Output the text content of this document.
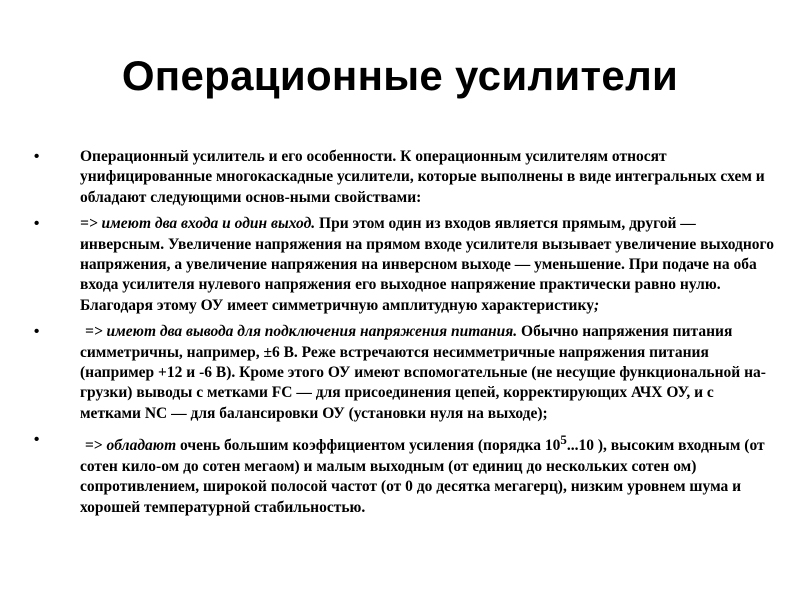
Операционные усилители
•	Операционный усилитель и его особенности. К операционным усилителям относят унифицированные многокаскадные усилители, которые выполнены в виде интегральных схем и обладают следующими основ-ными свойствами:
•	=> имеют два входа и один выход. При этом один из входов является прямым, другой — инверсным. Увеличение напряжения на прямом входе усилителя вызывает увеличение выходного напряжения, а увеличение напряжения на инверсном выходе — уменьшение. При подаче на оба входа усилителя нулевого напряжения его выходное напряжение практически равно нулю. Благодаря этому ОУ имеет симметричную амплитудную характеристику;
•	=> имеют два вывода для подключения напряжения питания. Обычно напряжения питания симметричны, например, ±6 В. Реже встречаются несимметричные напряжения питания (например +12 и -6 В). Кроме этого ОУ имеют вспомогательные (не несущие функциональной на-грузки) выводы с метками FC — для присоединения цепей, корректирующих АЧХ ОУ, и с метками NC — для балансировки ОУ (установки нуля на выходе);
•	=> обладают очень большим коэффициентом усиления (порядка $10^5...10$ ), высоким входным (от сотен кило-ом до сотен мегаом) и малым выходным (от единиц до нескольких сотен ом) сопротивлением, широкой полосой частот (от 0 до десятка мегагерц), низким уровнем шума и хорошей температурной стабильностью.
